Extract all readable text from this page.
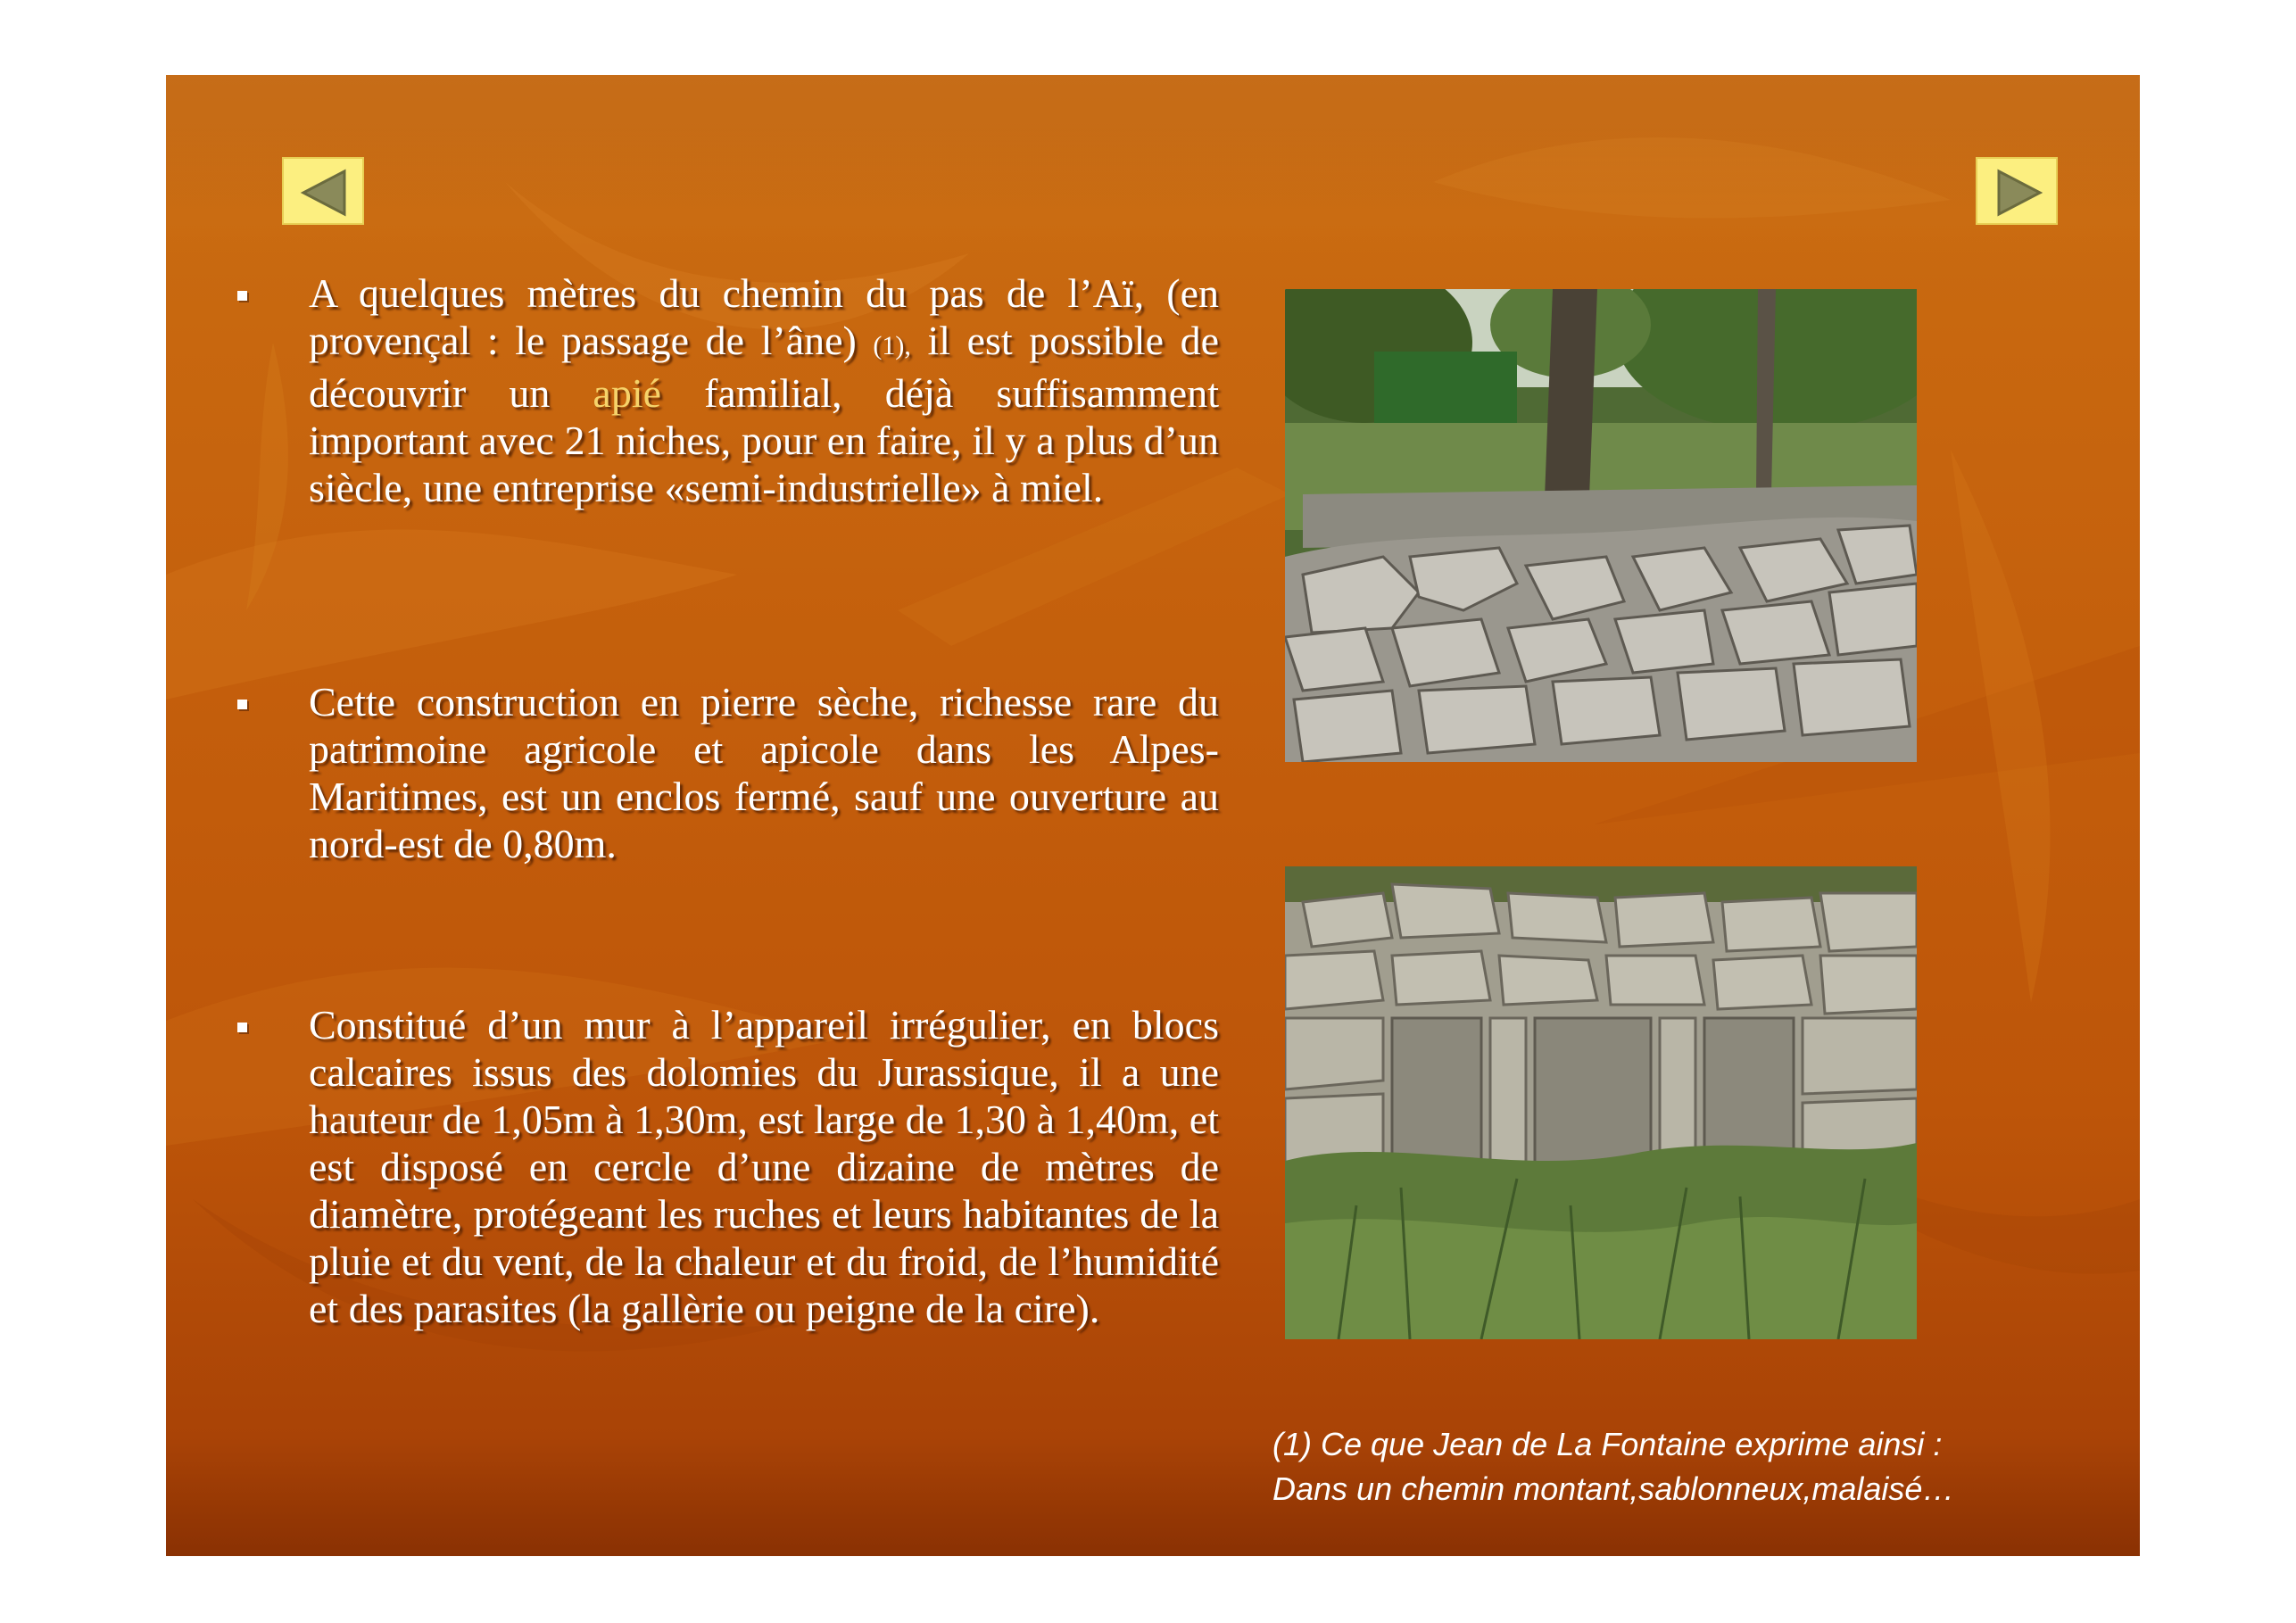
A quelques mètres du chemin du pas de l’Aï, (en provençal : le passage de l’âne) (1), il est possible de découvrir un apié familial, déjà suffisamment important avec 21 niches, pour en faire, il y a plus d’un siècle, une entreprise «semi-industrielle» à miel.
Cette construction en pierre sèche, richesse rare du patrimoine agricole et apicole dans les Alpes-Maritimes, est un enclos fermé, sauf une ouverture au nord-est de 0,80m.
Constitué d’un mur à l’appareil irrégulier, en blocs calcaires issus des dolomies du Jurassique, il a une hauteur de 1,05m à 1,30m, est large de 1,30 à 1,40m, et est disposé en cercle d’une dizaine de mètres de diamètre, protégeant les ruches et leurs habitantes de la pluie et du vent, de la chaleur et du froid, de l’humidité et des parasites (la gallèrie ou peigne de la cire).
(1) Ce que Jean de La Fontaine exprime ainsi :
Dans un chemin montant,sablonneux,malaisé…
